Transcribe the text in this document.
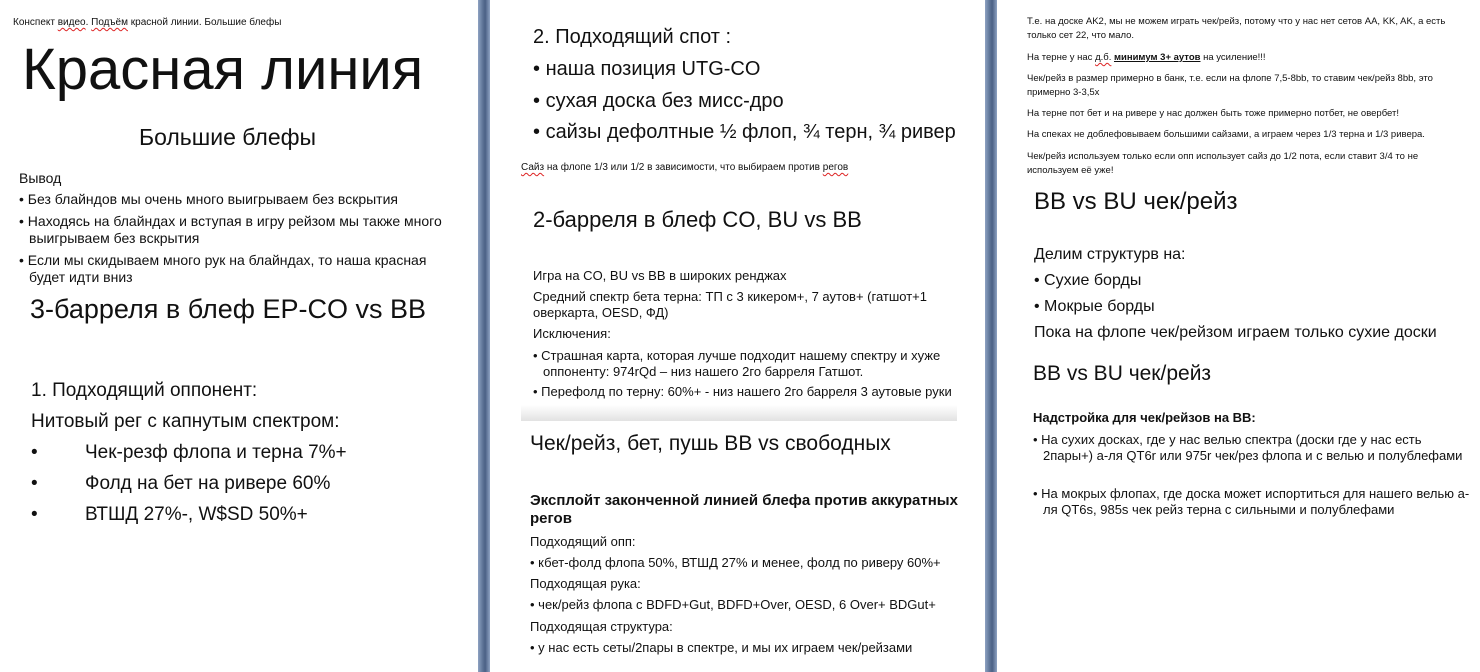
Конспект видео. Подъём красной линии. Большие блефы
Красная линия
Большие блефы
Вывод
• Без блайндов мы очень много выигрываем без вскрытия
• Находясь на блайндах и вступая в игру рейзом мы также много выигрываем без вскрытия
• Если мы скидываем много рук на блайндах, то наша красная будет идти вниз
3-барреля в блеф EP-CO vs BB
1. Подходящий оппонент:
Нитовый рег с капнутым спектром:
• Чек-резф флопа и терна 7%+
• Фолд на бет на ривере 60%
• ВТШД 27%-, W$SD 50%+
2. Подходящий спот :
• наша позиция UTG-CO
• сухая доска без мисс-дро
• сайзы дефолтные ½ флоп, ¾ терн, ¾ ривер
Сайз на флопе 1/3 или 1/2 в зависимости, что выбираем против регов
2-барреля в блеф CO, BU vs BB
Игра на CO, BU vs BB в широких ренджах
Средний спектр бета терна: ТП с 3 кикером+, 7 аутов+ (гатшот+1 оверкарта, OESD, ФД)
Исключения:
• Страшная карта, которая лучше подходит нашему спектру и хуже оппоненту: 974rQd – низ нашего 2го барреля Гатшот.
• Перефолд по терну: 60%+ - низ нашего 2го барреля 3 аутовые руки
Чек/рейз, бет, пушь BB vs свободных
Эксплойт законченной линией блефа против аккуратных регов
Подходящий опп:
• кбет-фолд флопа 50%, ВТШД 27% и менее, фолд по риверу 60%+
Подходящая рука:
• чек/рейз флопа с BDFD+Gut, BDFD+Over, OESD, 6 Over+ BDGut+
Подходящая структура:
• у нас есть сеты/2пары в спектре, и мы их играем чек/рейзами
Т.е. на доске AK2, мы не можем играть чек/рейз, потому что у нас нет сетов AA, KK, AK, а есть только сет 22, что мало.
На терне у нас д.б. минимум 3+ аутов на усиление!!!
Чек/рейз в размер примерно в банк, т.е. если на флопе 7,5-8bb, то ставим чек/рейз 8bb, это примерно 3-3,5х
На терне пот бет и на ривере у нас должен быть тоже примерно потбет, не овербет!
На спеках не доблефовываем большими сайзами, а играем через 1/3 терна и 1/3 ривера.
Чек/рейз используем только если опп использует сайз до 1/2 пота, если ставит 3/4 то не используем её уже!
BB vs BU чек/рейз
Делим структурв на:
• Сухие борды
• Мокрые борды
Пока на флопе чек/рейзом играем только сухие доски
BB vs BU чек/рейз
Надстройка для чек/рейзов на BB:
• На сухих досках, где у нас велью спектра (доски где у нас есть 2пары+) а-ля QT6r или 975r чек/рез флопа и с велью и полублефами
• На мокрых флопах, где доска может испортиться для нашего велью а-ля QT6s, 985s чек рейз терна с сильными и полублефами
